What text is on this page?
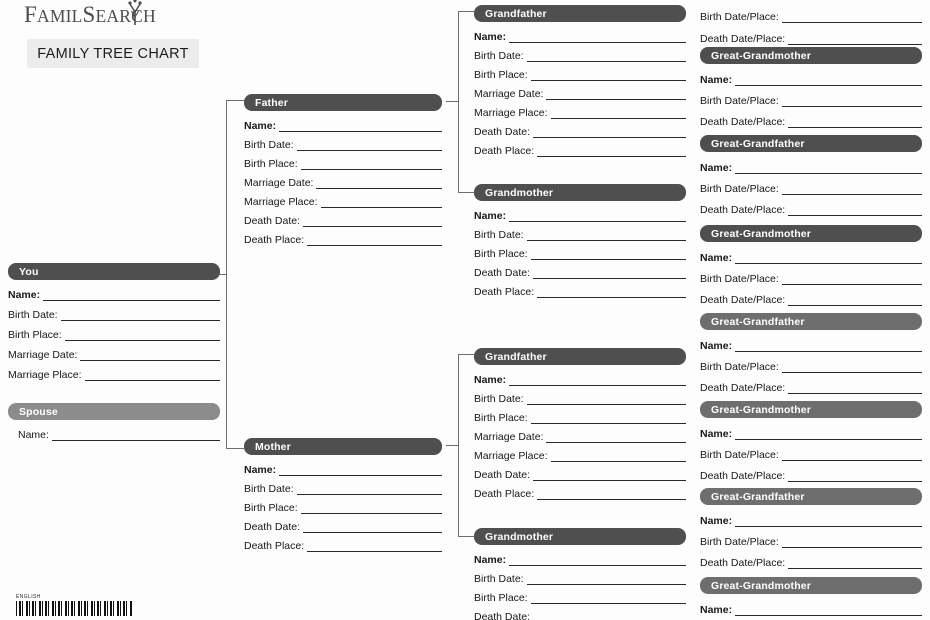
FAMILSEARCH
FAMILY TREE CHART
You
Name:
Birth Date:
Birth Place:
Marriage Date:
Marriage Place:
Spouse
Name:
Father
Name:
Birth Date:
Birth Place:
Marriage Date:
Marriage Place:
Death Date:
Death Place:
Mother
Name:
Birth Date:
Birth Place:
Death Date:
Death Place:
Grandfather
Name:
Birth Date:
Birth Place:
Marriage Date:
Marriage Place:
Death Date:
Death Place:
Grandmother
Name:
Birth Date:
Birth Place:
Death Date:
Death Place:
Grandfather
Name:
Birth Date:
Birth Place:
Marriage Date:
Marriage Place:
Death Date:
Death Place:
Grandmother
Name:
Birth Date:
Birth Place:
Death Date:
Birth Date/Place:
Death Date/Place:
Great-Grandmother
Name:
Birth Date/Place:
Death Date/Place:
Great-Grandfather
Name:
Birth Date/Place:
Death Date/Place:
Great-Grandmother
Name:
Birth Date/Place:
Death Date/Place:
Great-Grandfather
Name:
Birth Date/Place:
Death Date/Place:
Great-Grandmother
Name:
Birth Date/Place:
Death Date/Place:
Great-Grandfather
Name:
Birth Date/Place:
Death Date/Place:
Great-Grandmother
Name:
ENGLISH
